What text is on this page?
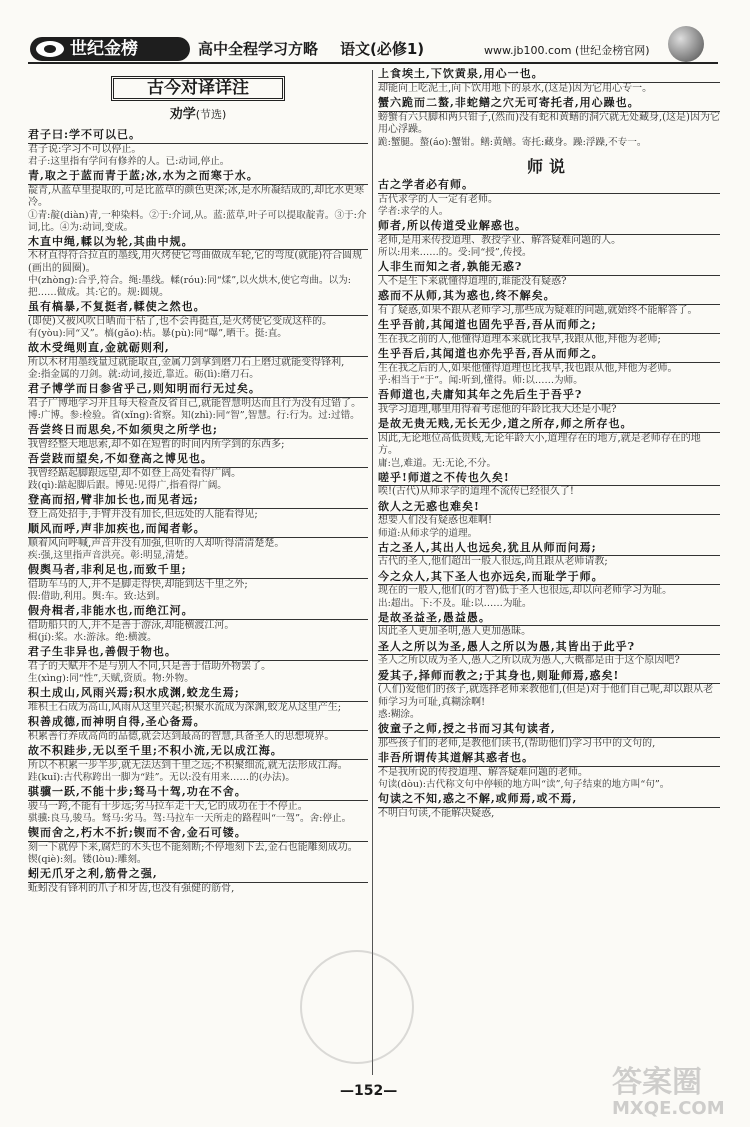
世纪金榜	高中全程学习方略 语文(必修1)	www.jb100.com (世纪金榜官网)
古今对译详注
劝学(节选)
君子曰:学不可以已。
君子说:学习不可以停止。
君子:这里指有学问有修养的人。已:动词,停止。
青,取之于蓝而青于蓝;冰,水为之而寒于水。
靛青,从蓝草里提取的,可是比蓝草的颜色更深;冰,是水所凝结成的,却比水更寒冷。
①青:靛(diàn)青,一种染料。②于:介词,从。蓝:蓝草,叶子可以提取靛青。③于:介词,比。④为:动词,变成。
木直中绳,輮以为轮,其曲中规。
木材直得符合拉直的墨线,用火烤使它弯曲做成车轮,它的弯度(就能)符合圆规(画出的圆圈)。
中(zhòng):合乎,符合。绳:墨线。輮(róu):同“煣”,以火烘木,使它弯曲。以为:把……做成。其:它的。规:圆规。
虽有槁暴,不复挺者,輮使之然也。
(即使)又被风吹日晒而干枯了,也不会再挺直,是火烤使它变成这样的。
有(yòu):同“又”。槁(gǎo):枯。暴(pù):同“曝”,晒干。挺:直。
故木受绳则直,金就砺则利,
所以木材用墨线量过就能取直,金属刀剑拿到磨刀石上磨过就能变得锋利,
金:指金属的刀剑。就:动词,接近,靠近。砺(lì):磨刀石。
君子博学而日参省乎己,则知明而行无过矣。
君子广博地学习并且每天检查反省自己,就能智慧明达而且行为没有过错了。
博:广博。参:检验。省(xǐng):省察。知(zhì):同“智”,智慧。行:行为。过:过错。
吾尝终日而思矣,不如须臾之所学也;
我曾经整天地思索,却不如在短暂的时间内所学到的东西多;
吾尝跂而望矣,不如登高之博见也。
我曾经踮起脚跟远望,却不如登上高处看得广阔。
跂(qì):踮起脚后跟。博见:见得广,指看得广阔。
登高而招,臂非加长也,而见者远;
登上高处招手,手臂并没有加长,但远处的人能看得见;
顺风而呼,声非加疾也,而闻者彰。
顺着风向呼喊,声音并没有加强,但听的人却听得清清楚楚。
疾:强,这里指声音洪亮。彰:明显,清楚。
假舆马者,非利足也,而致千里;
借助车马的人,并不是脚走得快,却能到达千里之外;
假:借助,利用。舆:车。致:达到。
假舟楫者,非能水也,而绝江河。
借助船只的人,并不是善于游泳,却能横渡江河。
楫(jí):桨。水:游泳。绝:横渡。
君子生非异也,善假于物也。
君子的天赋并不是与别人不同,只是善于借助外物罢了。
生(xìng):同“性”,天赋,资质。物:外物。
积土成山,风雨兴焉;积水成渊,蛟龙生焉;
堆积土石成为高山,风雨从这里兴起;积聚水流成为深渊,蛟龙从这里产生;
积善成德,而神明自得,圣心备焉。
积累善行养成高尚的品德,就会达到最高的智慧,具备圣人的思想境界。
故不积跬步,无以至千里;不积小流,无以成江海。
所以不积累一步半步,就无法达到千里之远;不积聚细流,就无法形成江海。
跬(kuǐ):古代称跨出一脚为“跬”。无以:没有用来……的(办法)。
骐骥一跃,不能十步;驽马十驾,功在不舍。
骏马一跨,不能有十步远;劣马拉车走十天,它的成功在于不停止。
骐骥:良马,骏马。驽马:劣马。驾:马拉车一天所走的路程叫“一驾”。舍:停止。
锲而舍之,朽木不折;锲而不舍,金石可镂。
刻一下就停下来,腐烂的木头也不能刻断;不停地刻下去,金石也能雕刻成功。
锲(qiè):刻。镂(lòu):雕刻。
蚓无爪牙之利,筋骨之强,
蚯蚓没有锋利的爪子和牙齿,也没有强健的筋骨,
上食埃土,下饮黄泉,用心一也。
却能向上吃泥土,向下饮用地下的泉水,(这是)因为它用心专一。
蟹六跪而二螯,非蛇鳝之穴无可寄托者,用心躁也。
螃蟹有六只脚和两只钳子,(然而)没有蛇和黄鳝的洞穴就无处藏身,(这是)因为它用心浮躁。
跪:蟹腿。螯(áo):蟹钳。鳝:黄鳝。寄托:藏身。躁:浮躁,不专一。
师说
古之学者必有师。
古代求学的人一定有老师。
学者:求学的人。
师者,所以传道受业解惑也。
老师,是用来传授道理、教授学业、解答疑难问题的人。
所以:用来……的。受:同“授”,传授。
人非生而知之者,孰能无惑?
人不是生下来就懂得道理的,谁能没有疑惑?
惑而不从师,其为惑也,终不解矣。
有了疑惑,如果不跟从老师学习,那些成为疑难的问题,就始终不能解答了。
生乎吾前,其闻道也固先乎吾,吾从而师之;
生在我之前的人,他懂得道理本来就比我早,我跟从他,拜他为老师;
生乎吾后,其闻道也亦先乎吾,吾从而师之。
生在我之后的人,如果他懂得道理也比我早,我也跟从他,拜他为老师。
乎:相当于“于”。闻:听到,懂得。师:以……为师。
吾师道也,夫庸知其年之先后生于吾乎?
我学习道理,哪里用得着考虑他的年龄比我大还是小呢?
是故无贵无贱,无长无少,道之所存,师之所存也。
因此,无论地位高低贵贱,无论年龄大小,道理存在的地方,就是老师存在的地方。
庸:岂,难道。无:无论,不分。
嗟乎!师道之不传也久矣!
唉!(古代)从师求学的道理不流传已经很久了!
欲人之无惑也难矣!
想要人们没有疑惑也难啊!
师道:从师求学的道理。
古之圣人,其出人也远矣,犹且从师而问焉;
古代的圣人,他们超出一般人很远,尚且跟从老师请教;
今之众人,其下圣人也亦远矣,而耻学于师。
现在的一般人,他们(的才智)低于圣人也很远,却以向老师学习为耻。
出:超出。下:不及。耻:以……为耻。
是故圣益圣,愚益愚。
因此圣人更加圣明,愚人更加愚昧。
圣人之所以为圣,愚人之所以为愚,其皆出于此乎?
圣人之所以成为圣人,愚人之所以成为愚人,大概都是由于这个原因吧?
爱其子,择师而教之;于其身也,则耻师焉,惑矣!
(人们)爱他们的孩子,就选择老师来教他们,(但是)对于他们自己呢,却以跟从老师学习为可耻,真糊涂啊!
惑:糊涂。
彼童子之师,授之书而习其句读者,
那些孩子们的老师,是教他们读书,(帮助他们)学习书中的文句的,
非吾所谓传其道解其惑者也。
不是我所说的传授道理、解答疑难问题的老师。
句读(dòu):古代称文句中停顿的地方叫“读”,句子结束的地方叫“句”。
句读之不知,惑之不解,或师焉,或不焉,
不明白句读,不能解决疑惑,
— 152 —	答案圈
MXQE.COM
